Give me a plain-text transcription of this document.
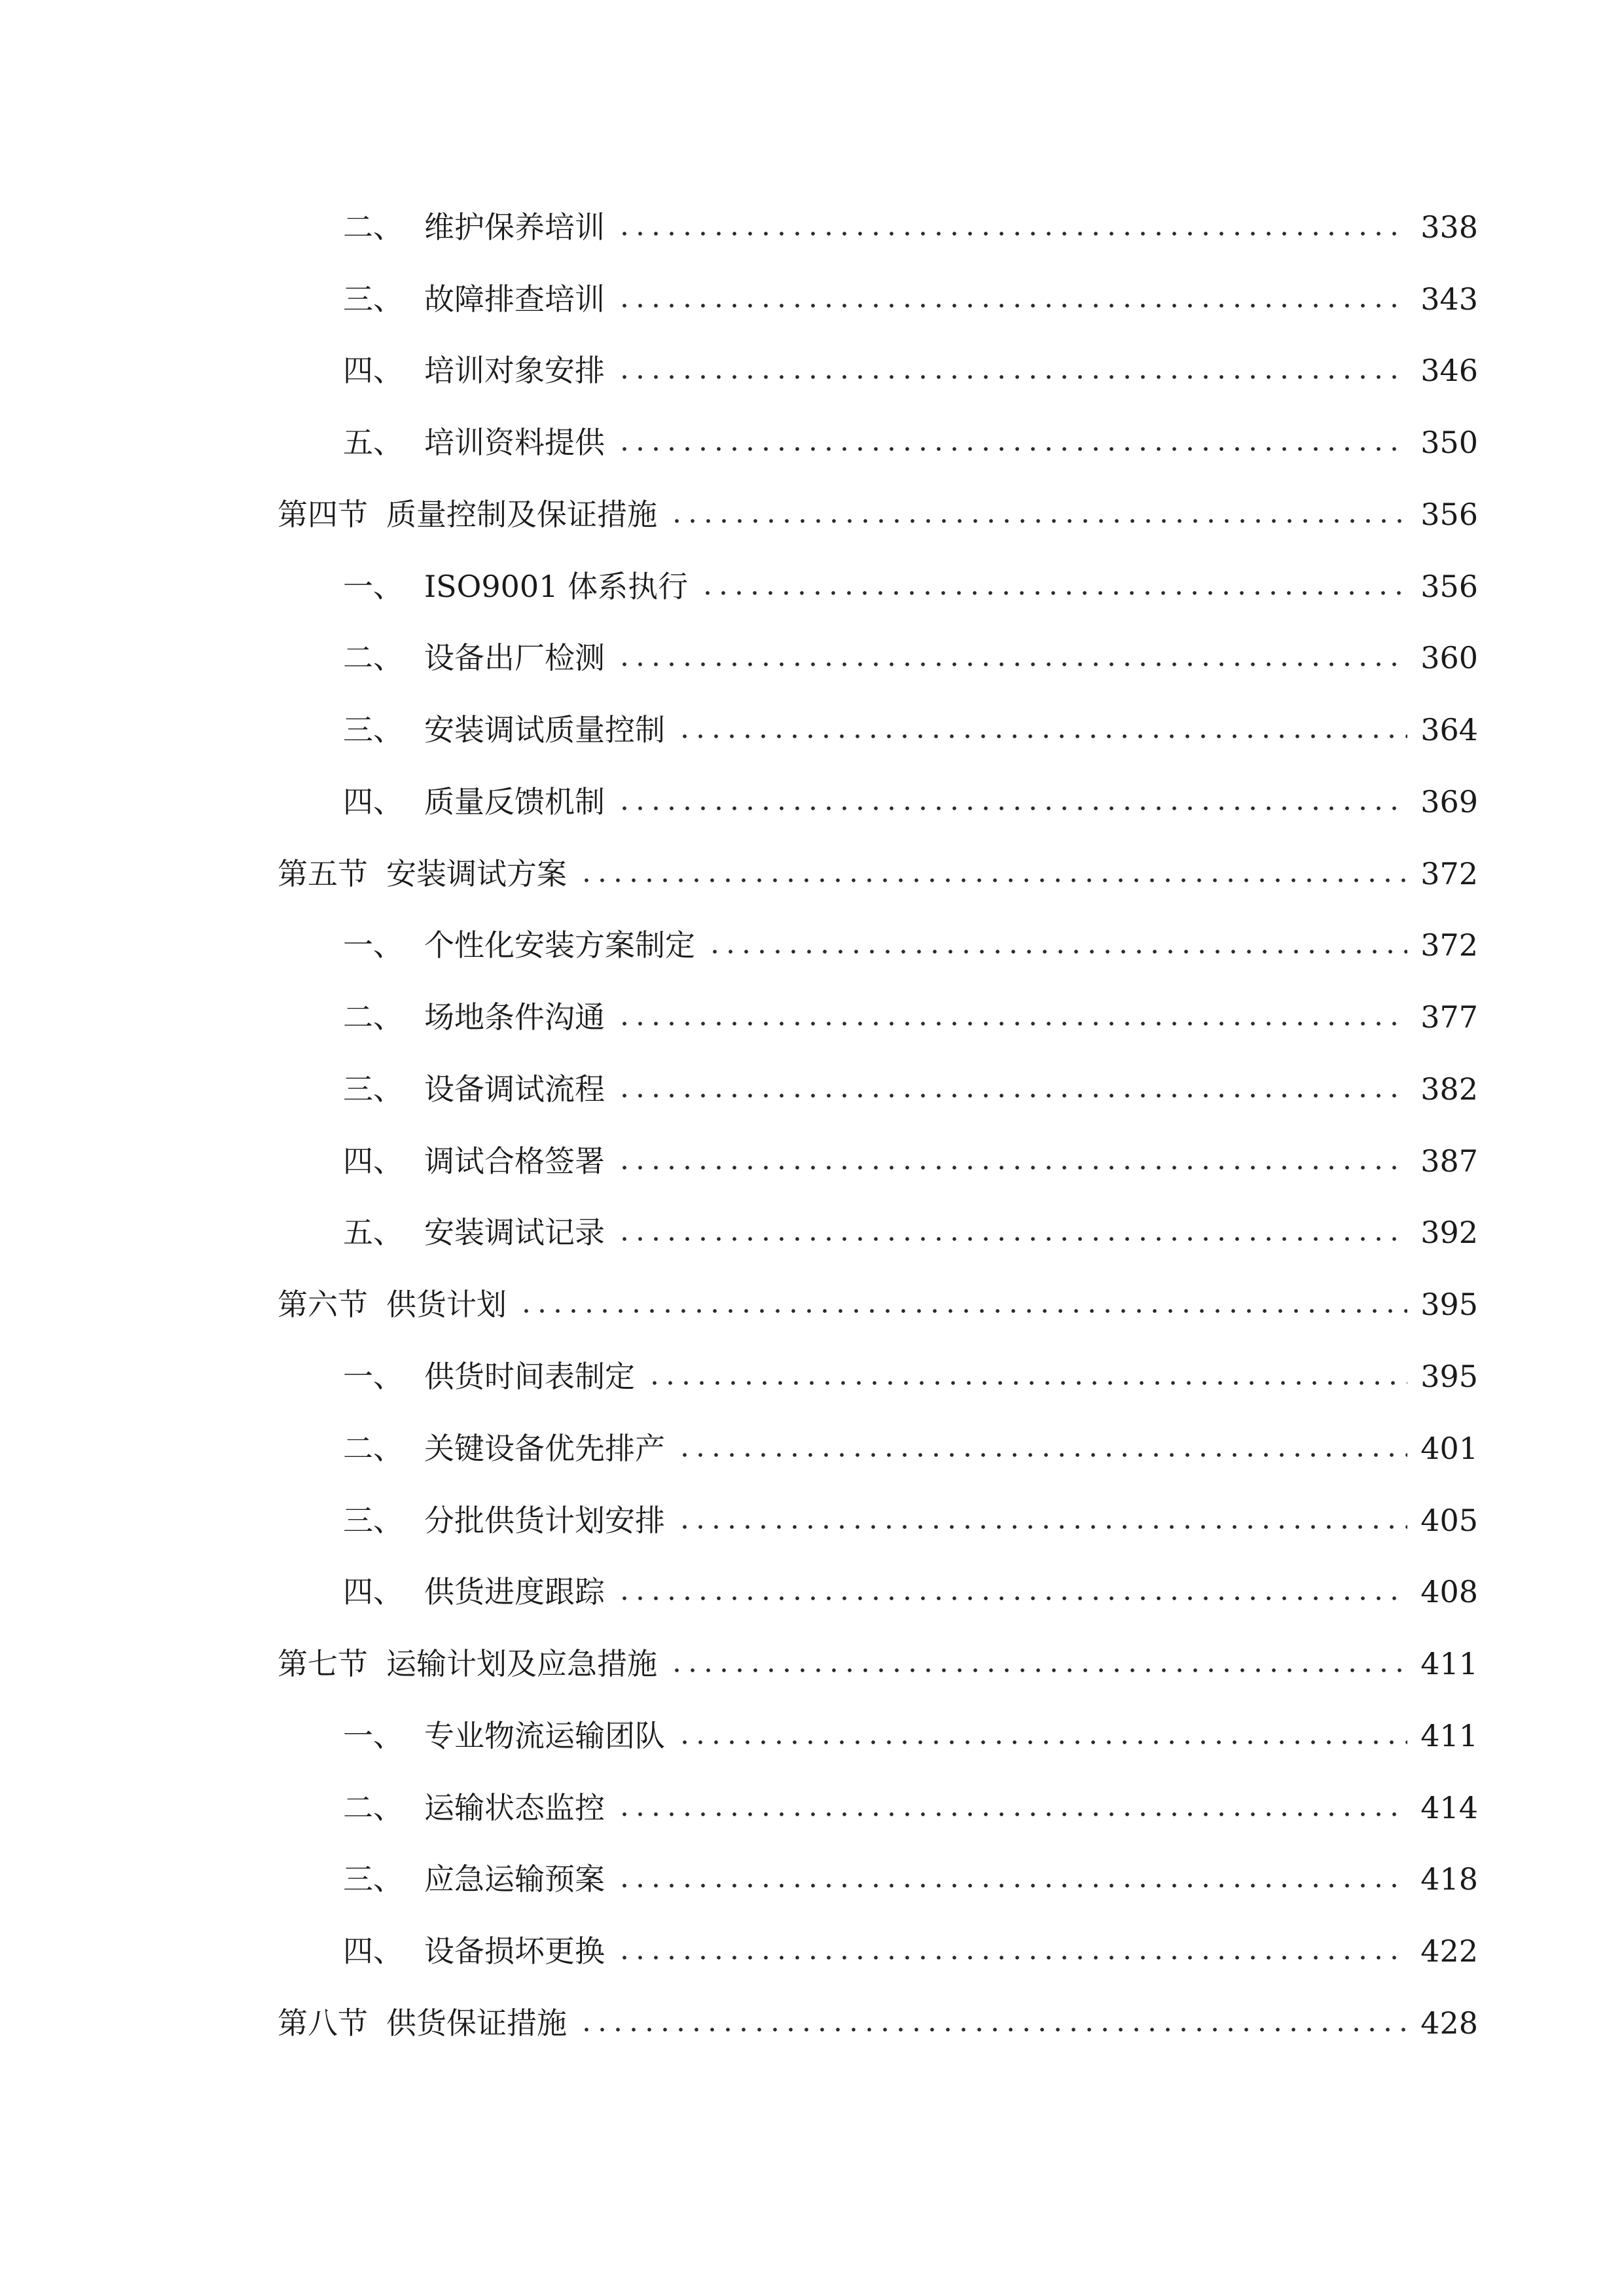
二、 维护保养培训	338
三、 故障排查培训	343
四、 培训对象安排	346
五、 培训资料提供	350
第四节 质量控制及保证措施	356
一、 ISO9001 体系执行	356
二、 设备出厂检测	360
三、 安装调试质量控制	364
四、 质量反馈机制	369
第五节 安装调试方案	372
一、 个性化安装方案制定	372
二、 场地条件沟通	377
三、 设备调试流程	382
四、 调试合格签署	387
五、 安装调试记录	392
第六节 供货计划	395
一、 供货时间表制定	395
二、 关键设备优先排产	401
三、 分批供货计划安排	405
四、 供货进度跟踪	408
第七节 运输计划及应急措施	411
一、 专业物流运输团队	411
二、 运输状态监控	414
三、 应急运输预案	418
四、 设备损坏更换	422
第八节 供货保证措施	428
